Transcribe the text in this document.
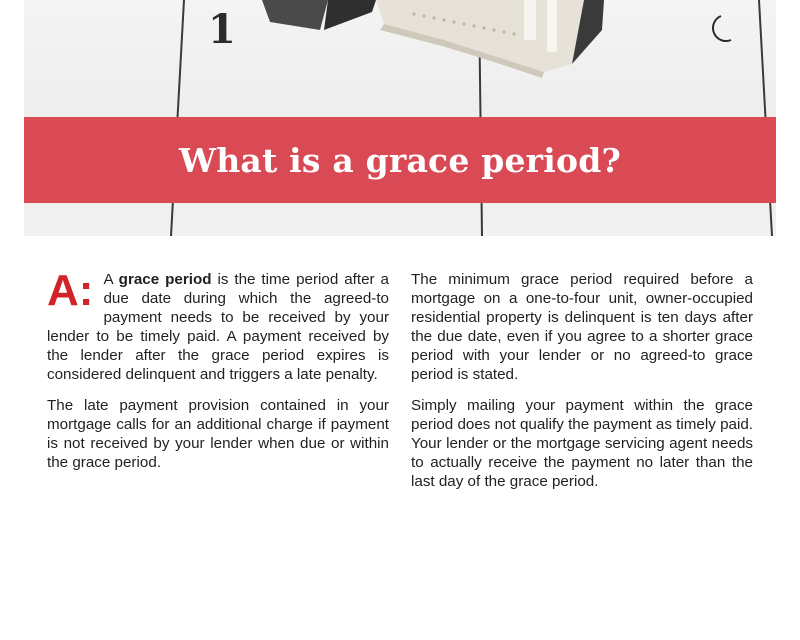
1
What is a grace period?

A: A grace period is the time period after a due date during which the agreed-to payment needs to be received by your lender to be timely paid. A payment received by the lender after the grace period expires is considered delinquent and triggers a late penalty.

The late payment provision contained in your mortgage calls for an additional charge if payment is not received by your lender when due or within the grace period.

The minimum grace period required before a mortgage on a one-to-four unit, owner-occupied residential property is delinquent is ten days after the due date, even if you agree to a shorter grace period with your lender or no agreed-to grace period is stated.

Simply mailing your payment within the grace period does not qualify the payment as timely paid. Your lender or the mortgage servicing agent needs to actually receive the payment no later than the last day of the grace period.
